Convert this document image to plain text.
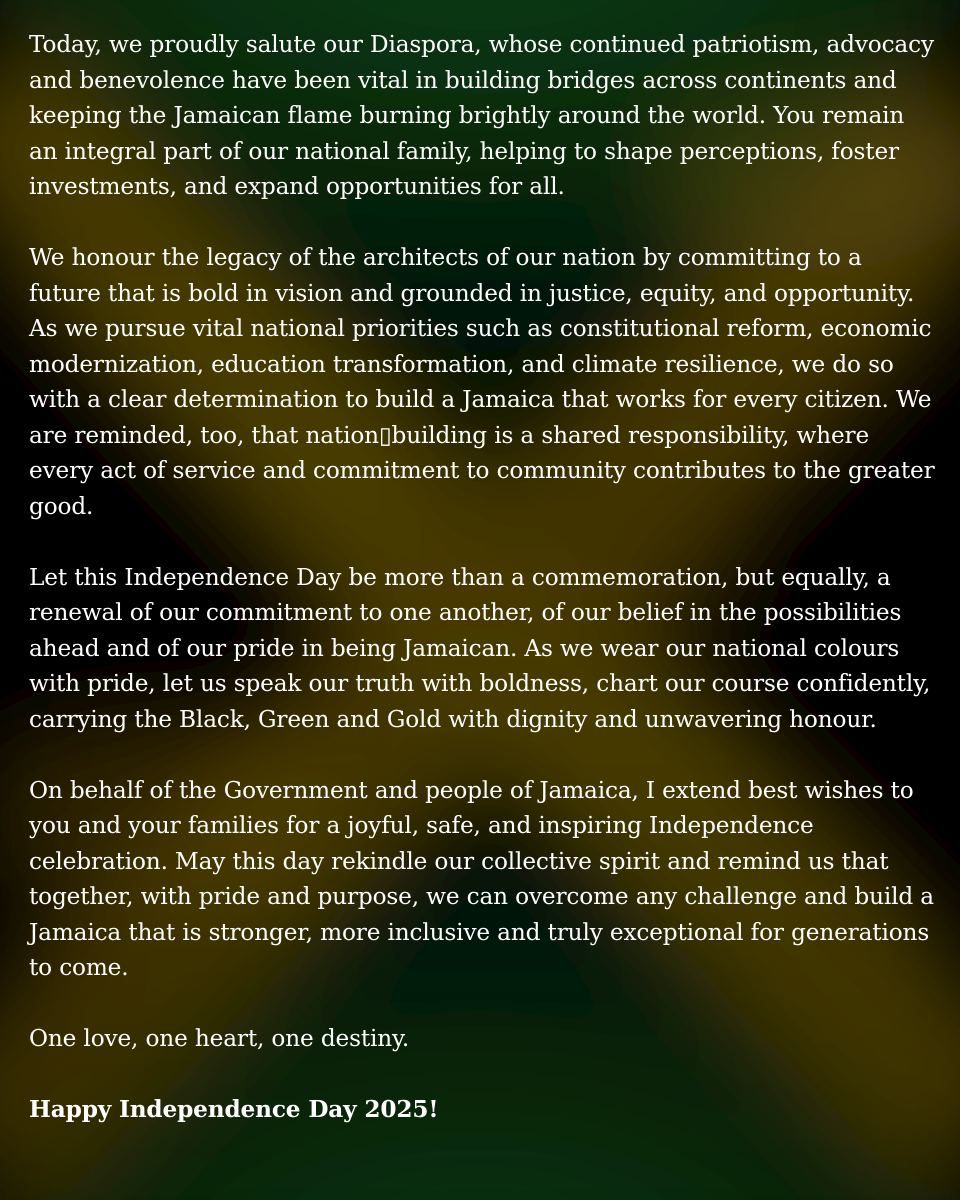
Today, we proudly salute our Diaspora, whose continued patriotism, advocacy and benevolence have been vital in building bridges across continents and keeping the Jamaican flame burning brightly around the world. You remain an integral part of our national family, helping to shape perceptions, foster investments, and expand opportunities for all.

We honour the legacy of the architects of our nation by committing to a future that is bold in vision and grounded in justice, equity, and opportunity. As we pursue vital national priorities such as constitutional reform, economic modernization, education transformation, and climate resilience, we do so with a clear determination to build a Jamaica that works for every citizen. We are reminded, too, that nation▯building is a shared responsibility, where every act of service and commitment to community contributes to the greater good.

Let this Independence Day be more than a commemoration, but equally, a renewal of our commitment to one another, of our belief in the possibilities ahead and of our pride in being Jamaican. As we wear our national colours with pride, let us speak our truth with boldness, chart our course confidently, carrying the Black, Green and Gold with dignity and unwavering honour.

On behalf of the Government and people of Jamaica, I extend best wishes to you and your families for a joyful, safe, and inspiring Independence celebration. May this day rekindle our collective spirit and remind us that together, with pride and purpose, we can overcome any challenge and build a Jamaica that is stronger, more inclusive and truly exceptional for generations to come.

One love, one heart, one destiny.

Happy Independence Day 2025!
